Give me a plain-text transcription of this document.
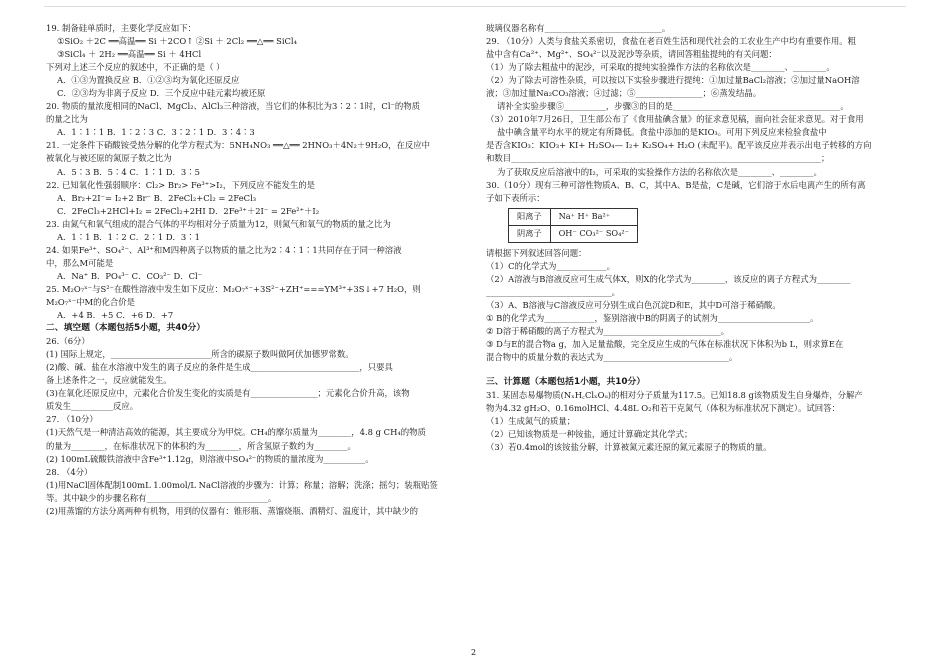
19. 制备硅单质时，主要化学反应如下：
①SiO₂ ＋2C ══高温══ Si ＋2CO↑ ②Si ＋ 2Cl₂ ══△══ SiCl₄
③SiCl₄ ＋ 2H₂ ══高温══ Si ＋ 4HCl
下列对上述三个反应的叙述中，不正确的是（ ）
A．①③为置换反应 B．①②③均为氧化还原反应
C．②③均为非离子反应 D．三个反应中硅元素均被还原
20. 物质的量浓度相同的NaCl、MgCl₂、AlCl₃三种溶液，当它们的体积比为3∶2∶1时，Cl⁻的物质
的量之比为
A．1∶1∶1 B．1∶2∶3 C．3∶2∶1 D．3∶4∶3
21. 一定条件下硝酸铵受热分解的化学方程式为：5NH₄NO₃ ══△══ 2HNO₃＋4N₂＋9H₂O，在反应中
被氧化与被还原的氮原子数之比为
A．5∶3 B．5∶4 C．1∶1 D．3∶5
22. 已知氧化性强弱顺序：Cl₂> Br₂> Fe³⁺>I₂，下列反应不能发生的是
A．Br₂+2I⁻= I₂+2 Br⁻ B．2FeCl₂+Cl₂ = 2FeCl₃
C．2FeCl₃+2HCl+I₂ = 2FeCl₂+2HI D．2Fe³⁺＋2I⁻ = 2Fe²⁺＋I₂
23. 由氮气和氧气组成的混合气体的平均相对分子质量为12，则氮气和氧气的物质的量之比为
A．1∶1 B．1∶2 C．2∶1 D．3∶1
24. 如果Fe³⁺、SO₄²⁻、Al³⁺和M四种离子以物质的量之比为2∶4∶1∶1共同存在于同一种溶液
中，那么M可能是
A．Na⁺ B．PO₄³⁻ C．CO₃²⁻ D．Cl⁻
25. M₂O₇ˣ⁻与S²⁻在酸性溶液中发生如下反应：M₂O₇ˣ⁻+3S²⁻+ZH⁺===YM³⁺+3S↓+7 H₂O，则
M₂O₇ˣ⁻中M的化合价是
A．+4 B．+5 C．+6 D．+7
二、填空题（本题包括5小题，共40分）
26.（6分）
(1) 国际上规定，________________________所含的碳原子数叫做阿伏加德罗常数。
(2)酸、碱、盐在水溶液中发生的离子反应的条件是生成__________________________，只要具
备上述条件之一，反应就能发生。
(3)在氧化还原反应中，元素化合价发生变化的实质是有________________；元素化合价升高，该物
质发生__________反应。
27. （10分）
(1)天然气是一种清洁高效的能源，其主要成分为甲烷。CH₄的摩尔质量为________，4.8 g CH₄的物质
的量为________，在标准状况下的体积约为________，所含氢原子数约为________。
(2) 100mL硫酸铁溶液中含Fe³⁺1.12g，则溶液中SO₄²⁻的物质的量浓度为__________。
28. （4分）
(1)用NaCl固体配制100mL 1.00mol/L NaCl溶液的步骤为：计算；称量；溶解；洗涤；摇匀；装瓶贴签
等。其中缺少的步骤名称有_____________________________。
(2)用蒸馏的方法分离两种有机物，用到的仪器有：锥形瓶、蒸馏烧瓶、酒精灯、温度计，其中缺少的
玻璃仪器名称有____________________________。
29. （10分）人类与食盐关系密切，食盐在老百姓生活和现代社会的工农业生产中均有重要作用。粗
盐中含有Ca²⁺、Mg²⁺、SO₄²⁻以及泥沙等杂质，请回答粗盐提纯的有关问题：
（1）为了除去粗盐中的泥沙，可采取的提纯实验操作方法的名称依次是________、________。
（2）为了除去可溶性杂质，可以按以下实验步骤进行提纯：①加过量BaCl₂溶液；②加过量NaOH溶
液；③加过量Na₂CO₃溶液；④过滤；⑤________________；⑥蒸发结晶。
请补全实验步骤⑤__________，步骤③的目的是________________________________________。
（3）2010年7月26日，卫生部公布了《食用盐碘含量》的征求意见稿，面向社会征求意见。对于食用
盐中碘含量平均水平的规定有所降低。食盐中添加的是KIO₃。可用下列反应来检验食盐中
是否含KIO₃：KIO₃+ KI+ H₂SO₄— I₂+ K₂SO₄+ H₂O (未配平)。配平该反应并表示出电子转移的方向
和数目__________________________________________________________________________；
为了获取反应后溶液中的I₂，可采取的实验操作方法的名称依次是________、________。
30.（10分）现有三种可溶性物质A、B、C，其中A、B是盐，C是碱，它们溶于水后电离产生的所有离
子如下表所示：
阳离子	Na⁺ H⁺ Ba²⁺
阴离子	OH⁻ CO₃²⁻ SO₄²⁻
请根据下列叙述回答问题：
（1）C的化学式为____________。
（2）A溶液与B溶液反应可生成气体X，则X的化学式为________，该反应的离子方程式为________
______________________________。
（3）A、B溶液与C溶液反应可分别生成白色沉淀D和E，其中D可溶于稀硝酸。
① B的化学式为____________，鉴别溶液中B的阴离子的试剂为______________________。
② D溶于稀硝酸的离子方程式为____________________________。
③ D与E的混合物a g，加入足量盐酸，完全反应生成的气体在标准状况下体积为b L，则求算E在
混合物中的质量分数的表达式为______________________________。
三、计算题（本题包括1小题，共10分）
31. 某固态易爆物质(NₓH꜀ClₓOᵤ)的相对分子质量为117.5。已知18.8 g该物质发生自身爆炸，分解产
物为4.32 gH₂O、0.16molHCl、4.48L O₂和若干克氮气（体积为标准状况下测定）。试回答：
（1）生成氮气的质量；
（2）已知该物质是一种铵盐，通过计算确定其化学式；
（3）若0.4mol的该铵盐分解，计算被氮元素还原的氮元素原子的物质的量。
2
